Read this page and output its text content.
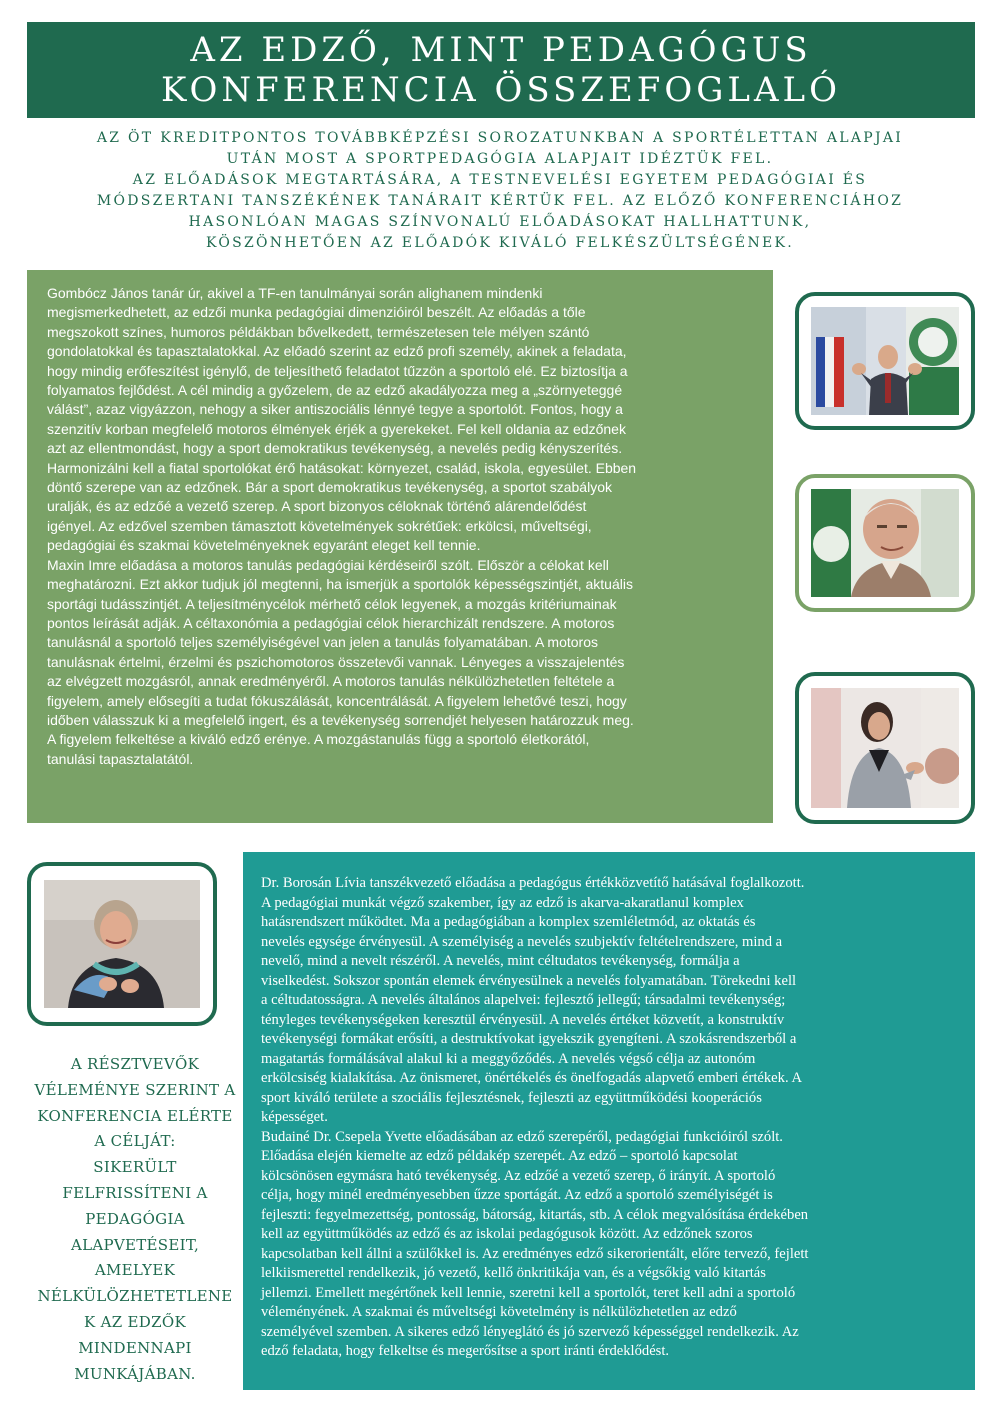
AZ EDZŐ, MINT PEDAGÓGUS
KONFERENCIA ÖSSZEFOGLALÓ
AZ ÖT KREDITPONTOS TOVÁBBKÉPZÉSI SOROZATUNKBAN A SPORTÉLETTAN ALAPJAI
UTÁN MOST A SPORTPEDAGÓGIA ALAPJAIT IDÉZTÜK FEL.
AZ ELŐADÁSOK MEGTARTÁSÁRA, A TESTNEVELÉSI EGYETEM PEDAGÓGIAI ÉS
MÓDSZERTANI TANSZÉKÉNEK TANÁRAIT KÉRTÜK FEL. AZ ELŐZŐ KONFERENCIÁHOZ
HASONLÓAN MAGAS SZÍNVONALÚ ELŐADÁSOKAT HALLHATTUNK,
KÖSZÖNHETŐEN AZ ELŐADÓK KIVÁLÓ FELKÉSZÜLTSÉGÉNEK.
Gombócz János tanár úr, akivel a TF-en tanulmányai során alighanem mindenki
megismerkedhetett, az edzői munka pedagógiai dimenzióiról beszélt. Az előadás a tőle
megszokott színes, humoros példákban bővelkedett, természetesen tele mélyen szántó
gondolatokkal és tapasztalatokkal. Az előadó szerint az edző profi személy, akinek a feladata,
hogy mindig erőfeszítést igénylő, de teljesíthető feladatot tűzzön a sportoló elé. Ez biztosítja a
folyamatos fejlődést. A cél mindig a győzelem, de az edző akadályozza meg a „szörnyeteggé
válást”, azaz vigyázzon, nehogy a siker antiszociális lénnyé tegye a sportolót. Fontos, hogy a
szenzitív korban megfelelő motoros élmények érjék a gyerekeket. Fel kell oldania az edzőnek
azt az ellentmondást, hogy a sport demokratikus tevékenység, a nevelés pedig kényszerítés.
Harmonizálni kell a fiatal sportolókat érő hatásokat: környezet, család, iskola, egyesület. Ebben
döntő szerepe van az edzőnek. Bár a sport demokratikus tevékenység, a sportot szabályok
uralják, és az edzőé a vezető szerep. A sport bizonyos céloknak történő alárendelődést
igényel. Az edzővel szemben támasztott követelmények sokrétűek: erkölcsi, műveltségi,
pedagógiai és szakmai követelményeknek egyaránt eleget kell tennie.
Maxin Imre előadása a motoros tanulás pedagógiai kérdéseiről szólt. Először a célokat kell
meghatározni. Ezt akkor tudjuk jól megtenni, ha ismerjük a sportolók képességszintjét, aktuális
sportági tudásszintjét. A teljesítménycélok mérhető célok legyenek, a mozgás kritériumainak
pontos leírását adják. A céltaxonómia a pedagógiai célok hierarchizált rendszere. A motoros
tanulásnál a sportoló teljes személyiségével van jelen a tanulás folyamatában. A motoros
tanulásnak értelmi, érzelmi és pszichomotoros összetevői vannak. Lényeges a visszajelentés
az elvégzett mozgásról, annak eredményéről. A motoros tanulás nélkülözhetetlen feltétele a
figyelem, amely elősegíti a tudat fókuszálását, koncentrálását. A figyelem lehetővé teszi, hogy
időben válasszuk ki a megfelelő ingert, és a tevékenység sorrendjét helyesen határozzuk meg.
A figyelem felkeltése a kiváló edző erénye. A mozgástanulás függ a sportoló életkorától,
tanulási tapasztalatától.
A RÉSZTVEVŐK
VÉLEMÉNYE SZERINT A
KONFERENCIA ELÉRTE
A CÉLJÁT:
SIKERÜLT
FELFRISSÍTENI A
PEDAGÓGIA
ALAPVETÉSEIT,
AMELYEK
NÉLKÜLÖZHETETLENE
K AZ EDZŐK
MINDENNAPI
MUNKÁJÁBAN.
Dr. Borosán Lívia tanszékvezető előadása a pedagógus értékközvetítő hatásával foglalkozott.
A pedagógiai munkát végző szakember, így az edző is akarva-akaratlanul komplex
hatásrendszert működtet. Ma a pedagógiában a komplex szemléletmód, az oktatás és
nevelés egysége érvényesül. A személyiség a nevelés szubjektív feltételrendszere, mind a
nevelő, mind a nevelt részéről. A nevelés, mint céltudatos tevékenység, formálja a
viselkedést. Sokszor spontán elemek érvényesülnek a nevelés folyamatában. Törekedni kell
a céltudatosságra. A nevelés általános alapelvei: fejlesztő jellegű; társadalmi tevékenység;
tényleges tevékenységeken keresztül érvényesül. A nevelés értéket közvetít, a konstruktív
tevékenységi formákat erősíti, a destruktívokat igyekszik gyengíteni. A szokásrendszerből a
magatartás formálásával alakul ki a meggyőződés. A nevelés végső célja az autonóm
erkölcsiség kialakítása. Az önismeret, önértékelés és önelfogadás alapvető emberi értékek. A
sport kiváló területe a szociális fejlesztésnek, fejleszti az együttműködési kooperációs
képességet.
Budainé Dr. Csepela Yvette előadásában az edző szerepéről, pedagógiai funkcióiról szólt.
Előadása elején kiemelte az edző példakép szerepét. Az edző – sportoló kapcsolat
kölcsönösen egymásra ható tevékenység. Az edzőé a vezető szerep, ő irányít. A sportoló
célja, hogy minél eredményesebben űzze sportágát. Az edző a sportoló személyiségét is
fejleszti: fegyelmezettség, pontosság, bátorság, kitartás, stb. A célok megvalósítása érdekében
kell az együttműködés az edző és az iskolai pedagógusok között. Az edzőnek szoros
kapcsolatban kell állni a szülőkkel is. Az eredményes edző sikerorientált, előre tervező, fejlett
lelkiismerettel rendelkezik, jó vezető, kellő önkritikája van, és a végsőkig való kitartás
jellemzi. Emellett megértőnek kell lennie, szeretni kell a sportolót, teret kell adni a sportoló
véleményének. A szakmai és műveltségi követelmény is nélkülözhetetlen az edző
személyével szemben. A sikeres edző lényeglátó és jó szervező képességgel rendelkezik. Az
edző feladata, hogy felkeltse és megerősítse a sport iránti érdeklődést.
